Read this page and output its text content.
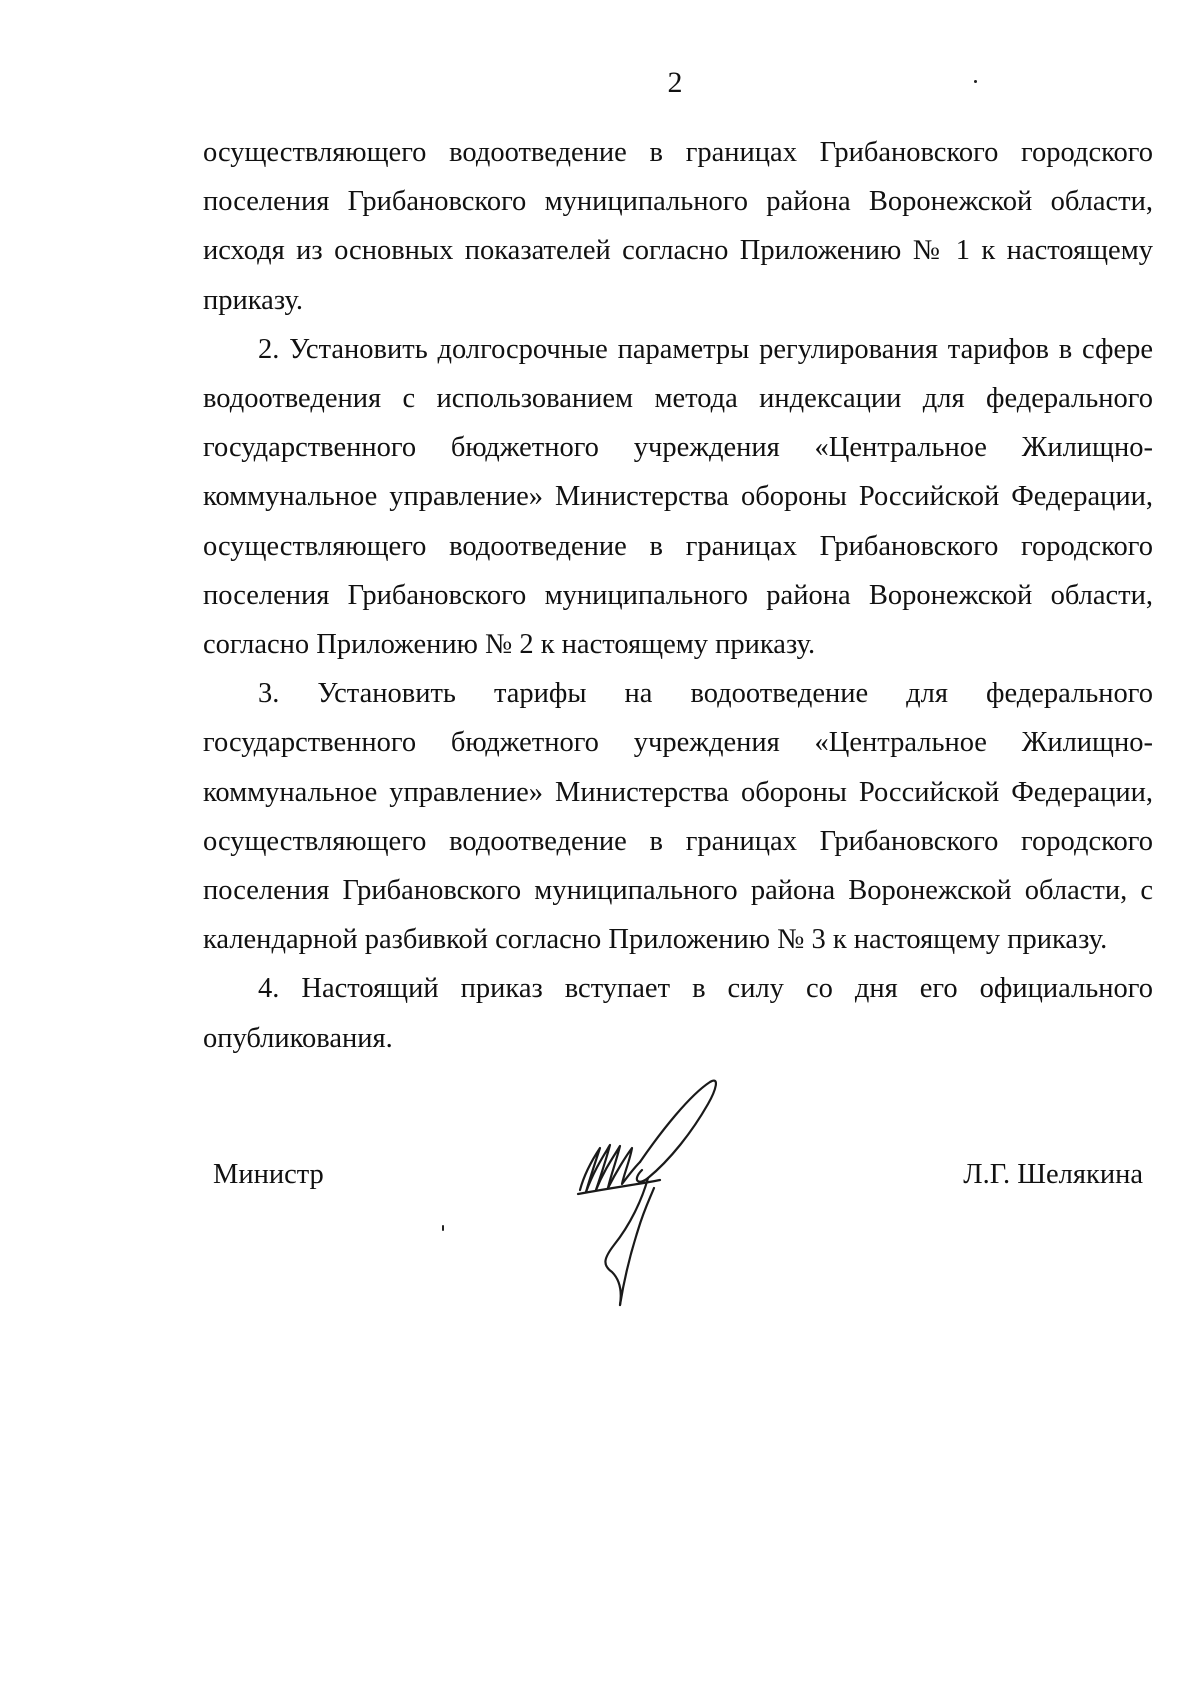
2

осуществляющего водоотведение в границах Грибановского городского поселения Грибановского муниципального района Воронежской области, исходя из основных показателей согласно Приложению № 1 к настоящему приказу.

2. Установить долгосрочные параметры регулирования тарифов в сфере водоотведения с использованием метода индексации для федерального государственного бюджетного учреждения «Центральное Жилищно-коммунальное управление» Министерства обороны Российской Федерации, осуществляющего водоотведение в границах Грибановского городского поселения Грибановского муниципального района Воронежской области, согласно Приложению № 2 к настоящему приказу.

3. Установить тарифы на водоотведение для федерального государственного бюджетного учреждения «Центральное Жилищно-коммунальное управление» Министерства обороны Российской Федерации, осуществляющего водоотведение в границах Грибановского городского поселения Грибановского муниципального района Воронежской области, с календарной разбивкой согласно Приложению № 3 к настоящему приказу.

4. Настоящий приказ вступает в силу со дня его официального опубликования.

Министр	Л.Г. Шелякина
